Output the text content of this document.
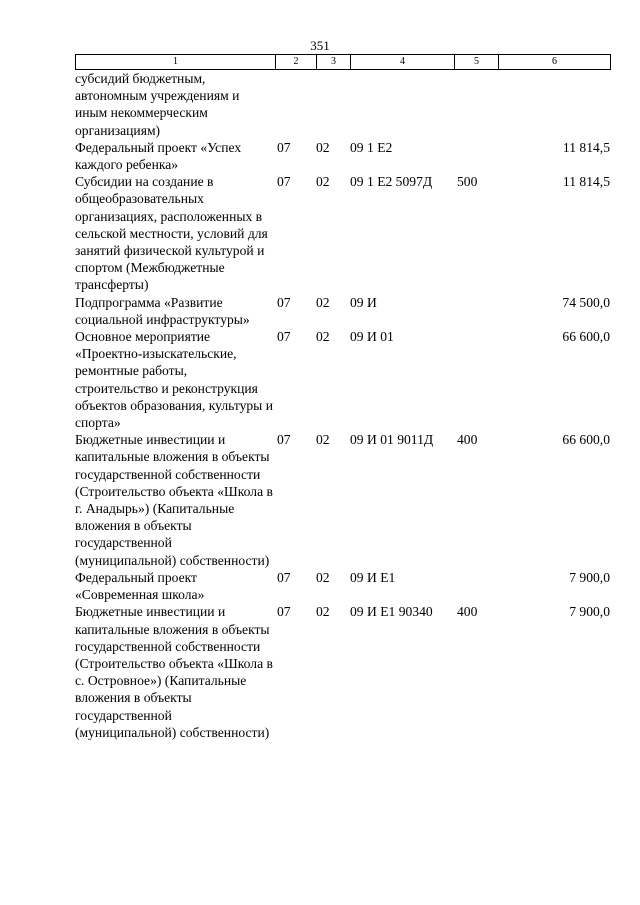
351
1	2	3	4	5	6
субсидий бюджетным, автономным учреждениям и иным некоммерческим организациям)					
Федеральный проект «Успех каждого ребенка»	07	02	09 1 Е2		11 814,5
Субсидии на создание в общеобразовательных организациях, расположенных в сельской местности, условий для занятий физической культурой и спортом (Межбюджетные трансферты)	07	02	09 1 Е2 5097Д	500	11 814,5
Подпрограмма «Развитие социальной инфраструктуры»	07	02	09 И		74 500,0
Основное мероприятие «Проектно-изыскательские, ремонтные работы, строительство и реконструкция объектов образования, культуры и спорта»	07	02	09 И 01		66 600,0
Бюджетные инвестиции и капитальные вложения в объекты государственной собственности (Строительство объекта «Школа в г. Анадырь») (Капитальные вложения в объекты государственной (муниципальной) собственности)	07	02	09 И 01 9011Д	400	66 600,0
Федеральный проект «Современная школа»	07	02	09 И Е1		7 900,0
Бюджетные инвестиции и капитальные вложения в объекты государственной собственности (Строительство объекта «Школа в с. Островное») (Капитальные вложения в объекты государственной (муниципальной) собственности)	07	02	09 И Е1 90340	400	7 900,0
